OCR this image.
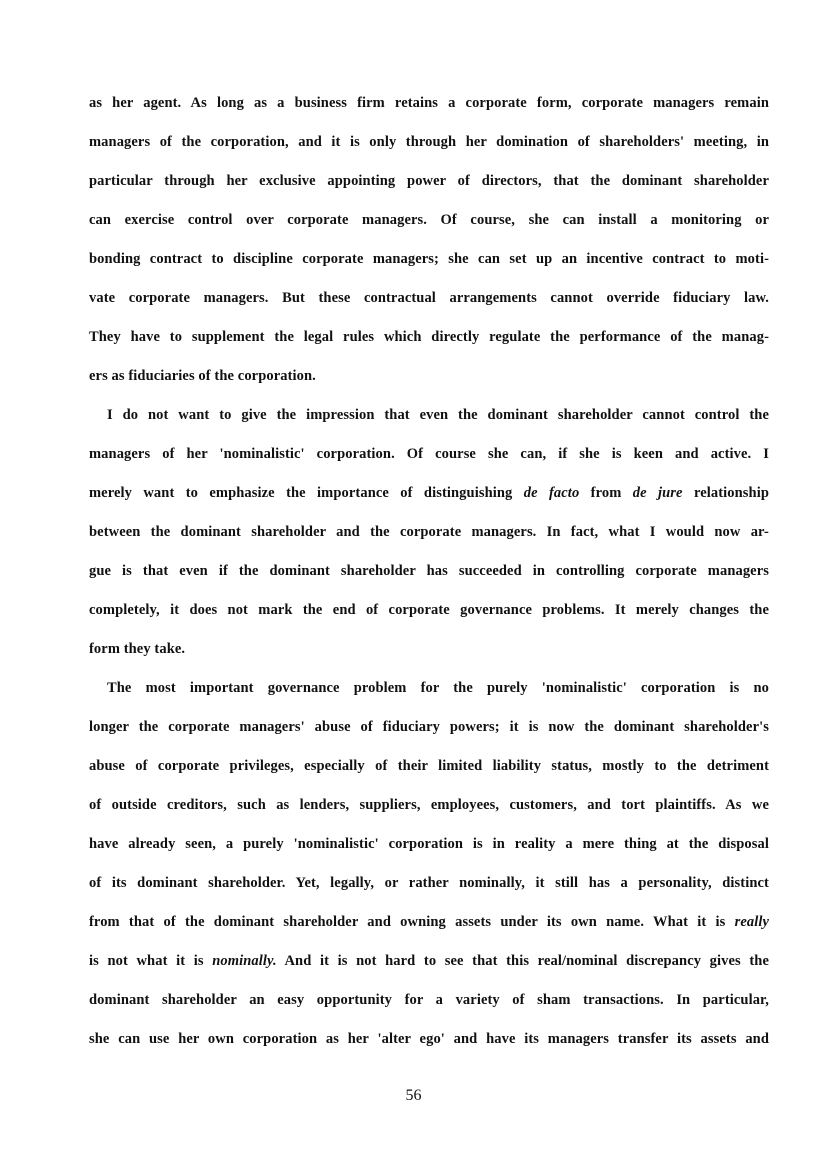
as her agent. As long as a business firm retains a corporate form, corporate managers remain
managers of the corporation, and it is only through her domination of shareholders' meeting, in
particular through her exclusive appointing power of directors, that the dominant shareholder
can exercise control over corporate managers. Of course, she can install a monitoring or
bonding contract to discipline corporate managers; she can set up an incentive contract to moti-
vate corporate managers. But these contractual arrangements cannot override fiduciary law.
They have to supplement the legal rules which directly regulate the performance of the manag-
ers as fiduciaries of the corporation.
I do not want to give the impression that even the dominant shareholder cannot control the
managers of her 'nominalistic' corporation. Of course she can, if she is keen and active. I
merely want to emphasize the importance of distinguishing de facto from de jure relationship
between the dominant shareholder and the corporate managers. In fact, what I would now ar-
gue is that even if the dominant shareholder has succeeded in controlling corporate managers
completely, it does not mark the end of corporate governance problems. It merely changes the
form they take.
The most important governance problem for the purely 'nominalistic' corporation is no
longer the corporate managers' abuse of fiduciary powers; it is now the dominant shareholder's
abuse of corporate privileges, especially of their limited liability status, mostly to the detriment
of outside creditors, such as lenders, suppliers, employees, customers, and tort plaintiffs. As we
have already seen, a purely 'nominalistic' corporation is in reality a mere thing at the disposal
of its dominant shareholder. Yet, legally, or rather nominally, it still has a personality, distinct
from that of the dominant shareholder and owning assets under its own name. What it is really
is not what it is nominally. And it is not hard to see that this real/nominal discrepancy gives the
dominant shareholder an easy opportunity for a variety of sham transactions. In particular,
she can use her own corporation as her 'alter ego' and have its managers transfer its assets and
56
